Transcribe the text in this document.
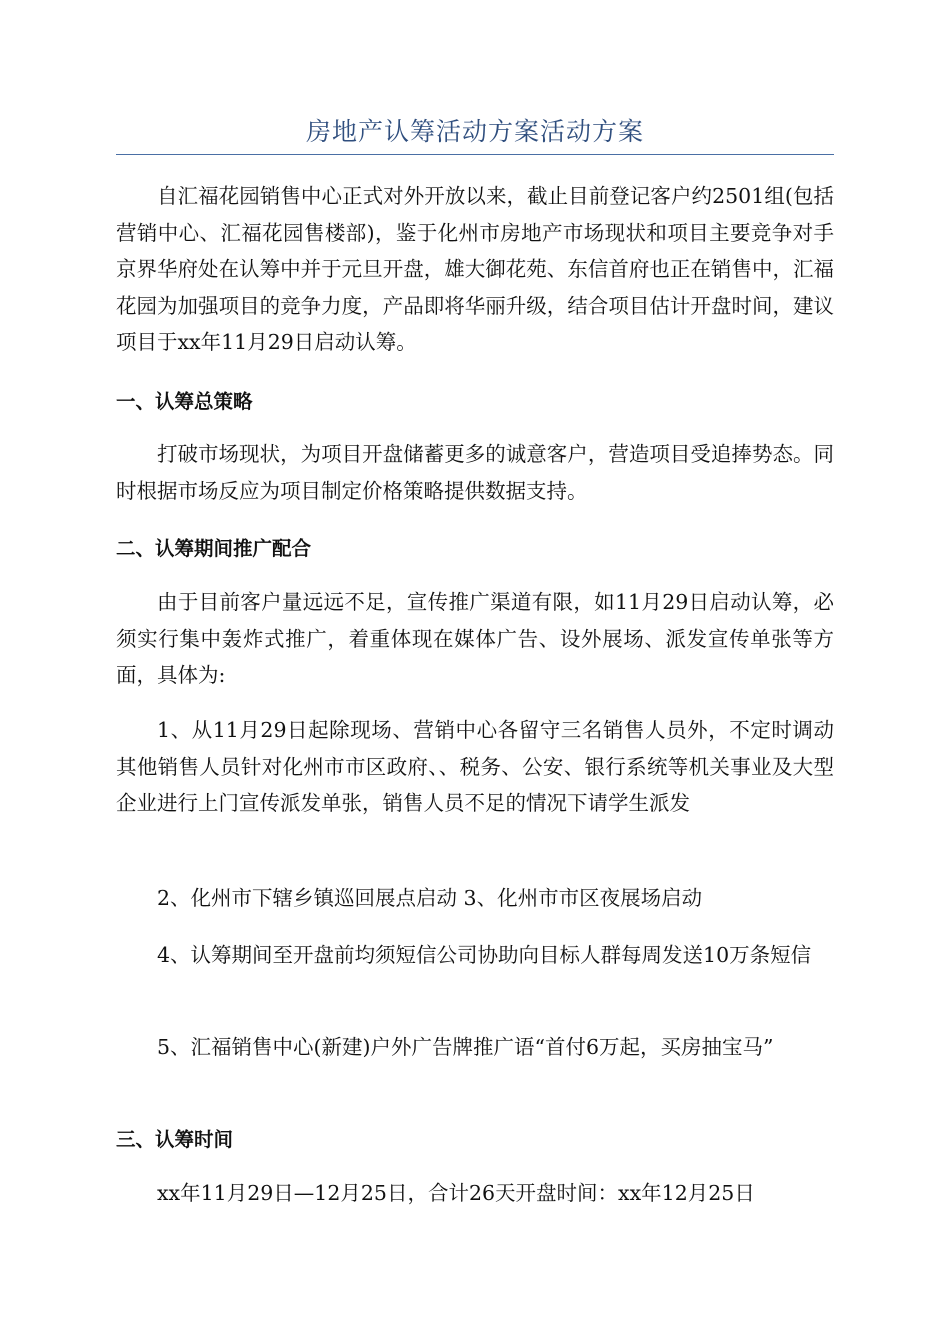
房地产认筹活动方案活动方案

自汇福花园销售中心正式对外开放以来，截止目前登记客户约2501组(包括营销中心、汇福花园售楼部)，鉴于化州市房地产市场现状和项目主要竞争对手京界华府处在认筹中并于元旦开盘，雄大御花苑、东信首府也正在销售中，汇福花园为加强项目的竞争力度，产品即将华丽升级，结合项目估计开盘时间，建议项目于xx年11月29日启动认筹。

一、认筹总策略

打破市场现状，为项目开盘储蓄更多的诚意客户，营造项目受追捧势态。同时根据市场反应为项目制定价格策略提供数据支持。

二、认筹期间推广配合

由于目前客户量远远不足，宣传推广渠道有限，如11月29日启动认筹，必须实行集中轰炸式推广，着重体现在媒体广告、设外展场、派发宣传单张等方面，具体为:

1、从11月29日起除现场、营销中心各留守三名销售人员外，不定时调动其他销售人员针对化州市市区政府、、税务、公安、银行系统等机关事业及大型企业进行上门宣传派发单张，销售人员不足的情况下请学生派发

2、化州市下辖乡镇巡回展点启动 3、化州市市区夜展场启动

4、认筹期间至开盘前均须短信公司协助向目标人群每周发送10万条短信

5、汇福销售中心(新建)户外广告牌推广语“首付6万起，买房抽宝马”

三、认筹时间

xx年11月29日—12月25日，合计26天开盘时间：xx年12月25日
